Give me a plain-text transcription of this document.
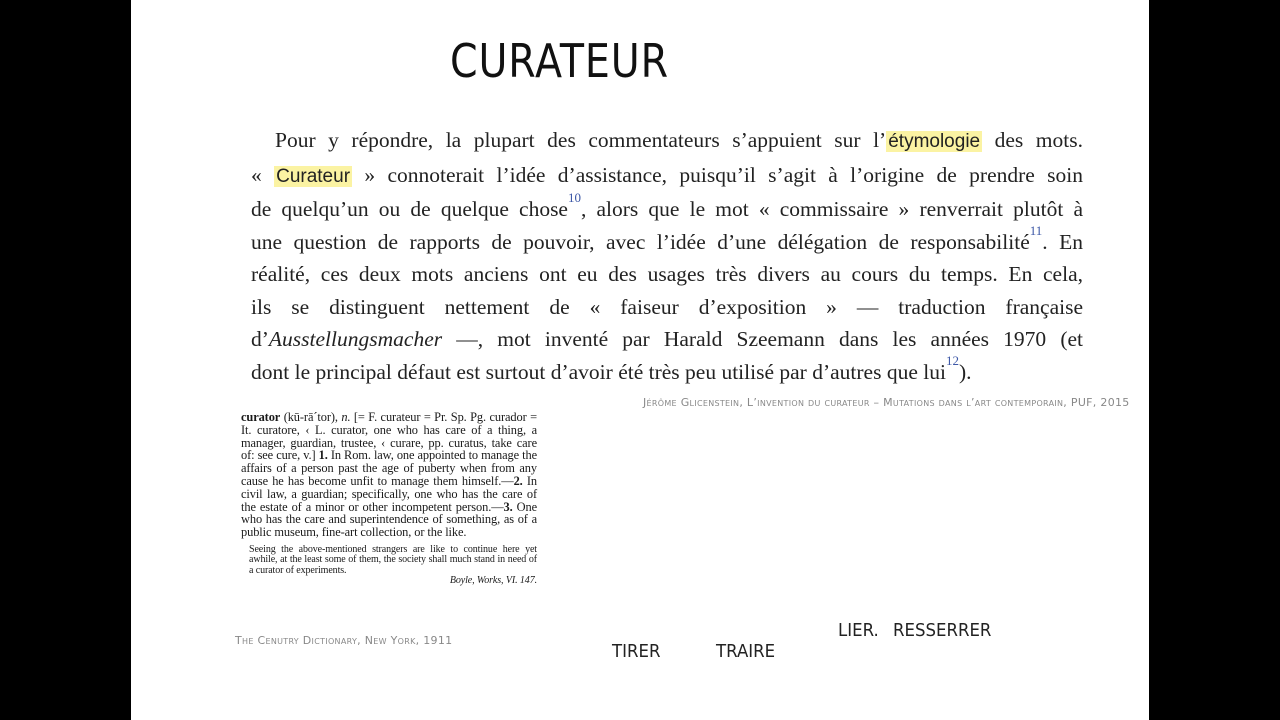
CURATEUR
Pour y répondre, la plupart des commentateurs s’appuient sur l’ étymologie des mots.
« Curateur » connoterait l’idée d’assistance, puisqu’il s’agit à l’origine de prendre soin
de quelqu’un ou de quelque chose$^{10}$, alors que le mot « commissaire » renverrait plutôt à
une question de rapports de pouvoir, avec l’idée d’une délégation de responsabilité$^{11}$. En
réalité, ces deux mots anciens ont eu des usages très divers au cours du temps. En cela,
ils se distinguent nettement de « faiseur d’exposition » — traduction française
d’Ausstellungsmacher —, mot inventé par Harald Szeemann dans les années 1970 (et
dont le principal défaut est surtout d’avoir été très peu utilisé par d’autres que lui$^{12}$).
Jérôme Glicenstein, L’invention du curateur – Mutations dans l’art contemporain, PUF, 2015
curator (kū-rā´tor), n. [= F. curateur = Pr. Sp. Pg. curador = It. curatore, ‹ L. curator, one who has care of a thing, a manager, guardian, trustee, ‹ curare, pp. curatus, take care of: see cure, v.] 1. In Rom. law, one appointed to manage the affairs of a person past the age of puberty when from any cause he has become unfit to manage them himself.—2. In civil law, a guardian; specifically, one who has the care of the estate of a minor or other incompetent person.—3. One who has the care and superintendence of something, as of a public museum, fine-art collection, or the like.
Seeing the above-mentioned strangers are like to continue here yet awhile, at the least some of them, the society shall much stand in need of a curator of experiments.
Boyle, Works, VI. 147.
The Cenutry Dictionary, New York, 1911
TIRER	TRAIRE
LIER. RESSERRER
